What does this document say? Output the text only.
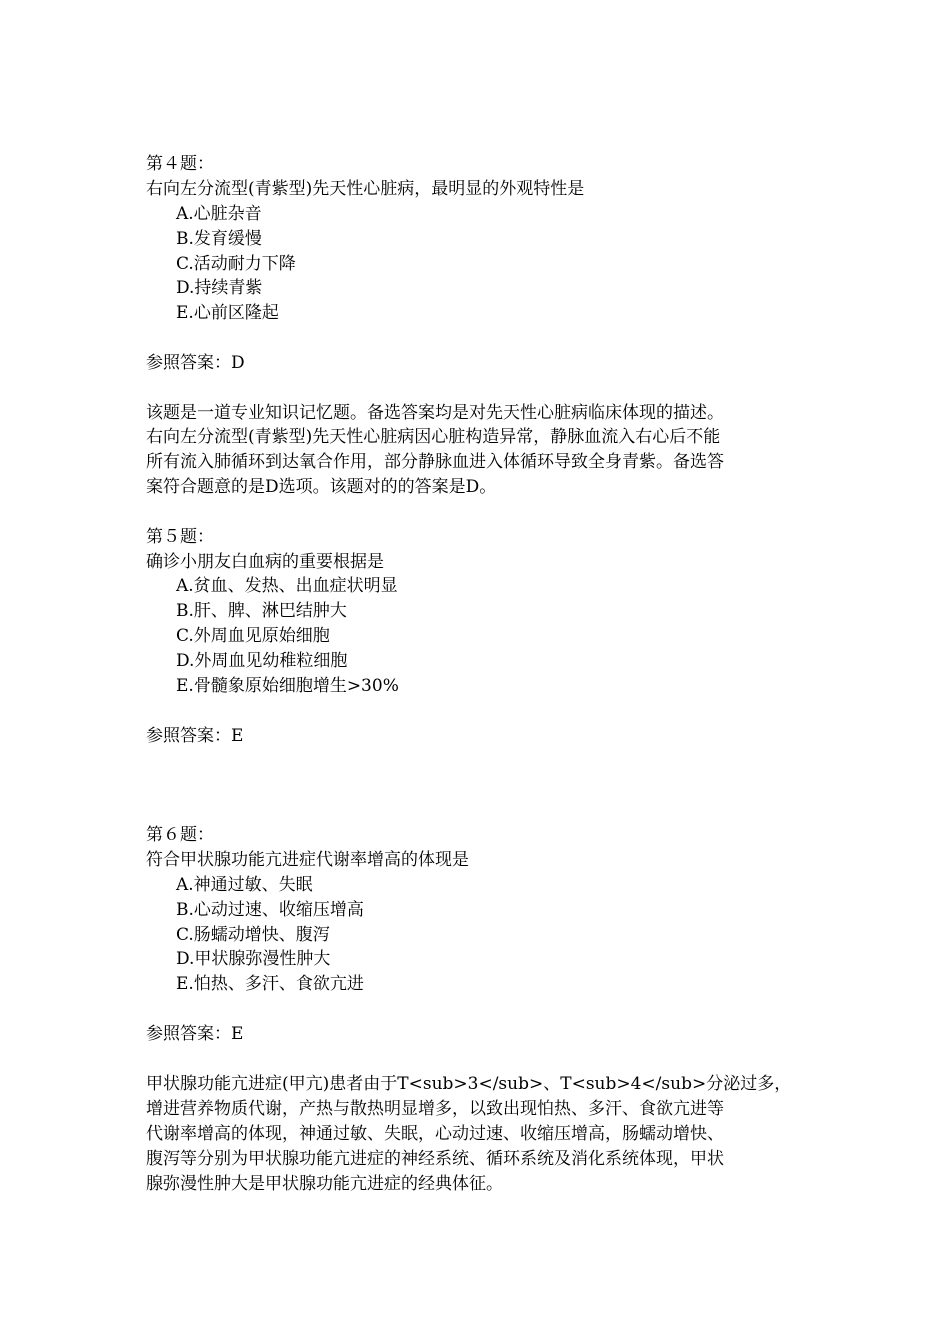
第４题：
右向左分流型(青紫型)先天性心脏病，最明显的外观特性是
A.心脏杂音
B.发育缓慢
C.活动耐力下降
D.持续青紫
E.心前区隆起
参照答案：D
该题是一道专业知识记忆题。备选答案均是对先天性心脏病临床体现的描述。
右向左分流型(青紫型)先天性心脏病因心脏构造异常，静脉血流入右心后不能
所有流入肺循环到达氧合作用，部分静脉血进入体循环导致全身青紫。备选答
案符合题意的是D选项。该题对的的答案是D。
第５题：
确诊小朋友白血病的重要根据是
A.贫血、发热、出血症状明显
B.肝、脾、淋巴结肿大
C.外周血见原始细胞
D.外周血见幼稚粒细胞
E.骨髓象原始细胞增生>30%
参照答案：E
第６题：
符合甲状腺功能亢进症代谢率增高的体现是
A.神通过敏、失眠
B.心动过速、收缩压增高
C.肠蠕动增快、腹泻
D.甲状腺弥漫性肿大
E.怕热、多汗、食欲亢进
参照答案：E
甲状腺功能亢进症(甲亢)患者由于T<sub>3</sub>、T<sub>4</sub>分泌过多，
增进营养物质代谢，产热与散热明显增多，以致出现怕热、多汗、食欲亢进等
代谢率增高的体现，神通过敏、失眠，心动过速、收缩压增高，肠蠕动增快、
腹泻等分别为甲状腺功能亢进症的神经系统、循环系统及消化系统体现，甲状
腺弥漫性肿大是甲状腺功能亢进症的经典体征。
